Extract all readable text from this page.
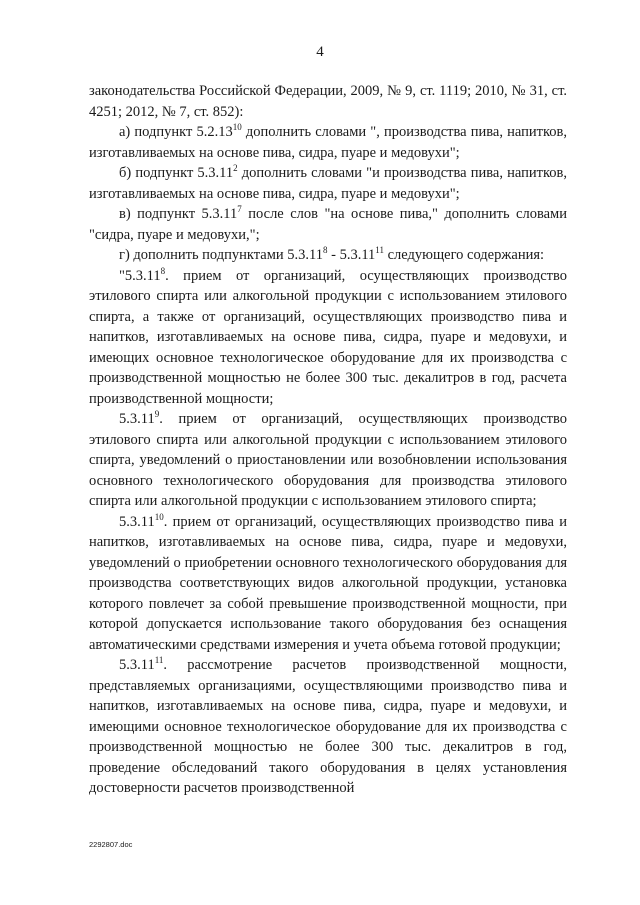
4

законодательства Российской Федерации, 2009, № 9, ст. 1119; 2010, № 31, ст. 4251; 2012, № 7, ст. 852):

а) подпункт 5.2.13$^{10}$ дополнить словами ", производства пива, напитков, изготавливаемых на основе пива, сидра, пуаре и медовухи";

б) подпункт 5.3.11$^2$ дополнить словами "и производства пива, напитков, изготавливаемых на основе пива, сидра, пуаре и медовухи";

в) подпункт 5.3.11$^7$ после слов "на основе пива," дополнить словами "сидра, пуаре и медовухи,";

г) дополнить подпунктами 5.3.11$^8$ - 5.3.11$^{11}$ следующего содержания:

"5.3.11$^8$. прием от организаций, осуществляющих производство этилового спирта или алкогольной продукции с использованием этилового спирта, а также от организаций, осуществляющих производство пива и напитков, изготавливаемых на основе пива, сидра, пуаре и медовухи, и имеющих основное технологическое оборудование для их производства с производственной мощностью не более 300 тыс. декалитров в год, расчета производственной мощности;

5.3.11$^9$. прием от организаций, осуществляющих производство этилового спирта или алкогольной продукции с использованием этилового спирта, уведомлений о приостановлении или возобновлении использования основного технологического оборудования для производства этилового спирта или алкогольной продукции с использованием этилового спирта;

5.3.11$^{10}$. прием от организаций, осуществляющих производство пива и напитков, изготавливаемых на основе пива, сидра, пуаре и медовухи, уведомлений о приобретении основного технологического оборудования для производства соответствующих видов алкогольной продукции, установка которого повлечет за собой превышение производственной мощности, при которой допускается использование такого оборудования без оснащения автоматическими средствами измерения и учета объема готовой продукции;

5.3.11$^{11}$. рассмотрение расчетов производственной мощности, представляемых организациями, осуществляющими производство пива и напитков, изготавливаемых на основе пива, сидра, пуаре и медовухи, и имеющими основное технологическое оборудование для их производства с производственной мощностью не более 300 тыс. декалитров в год, проведение обследований такого оборудования в целях установления достоверности расчетов производственной

2292807.doc
